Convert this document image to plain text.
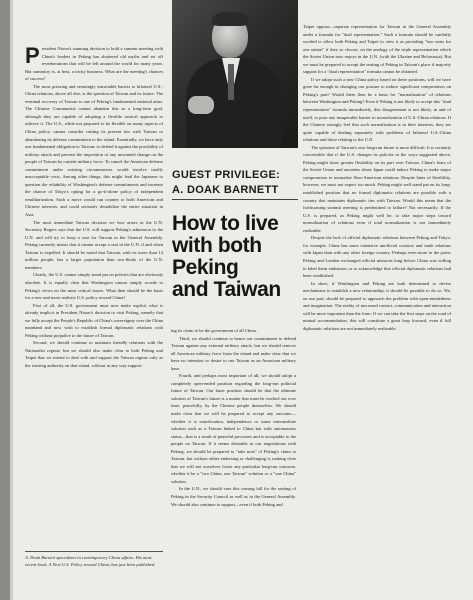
President Nixon's stunning decision to hold a summit meeting with China's leaders in Peking has shattered old myths and set off reverberations that will be felt around the world for many years. But summitry is, at best, a tricky business. What are the meeting's chances of success?

The most pressing and seemingly intractable barrier to bilateral U.S.-China relations, above all else, is the question of Taiwan and its future. The eventual recovery of Taiwan is one of Peking's fundamental national aims. The Chinese Communists cannot abandon this as a long-term goal, although they are capable of adopting a flexible tactical approach to achieve it. The U.S., while not prepared to be flexible on many aspects of China policy, cannot consider cutting its present ties with Taiwan or abandoning its defense commitment to the island. Essentially, we have only one fundamental obligation to Taiwan: to defend it against the possibility of military attack and prevent the imposition of any unwanted change on the people of Taiwan by outside military force. To cancel the American defense commitment under existing circumstances would involve totally unacceptable costs. Among other things, this might lead the Japanese to question the reliability of Washington's defense commitments and increase the chance of Tokyo's opting for a go-it-alone policy of independent remilitarization. Such a move would run counter to both American and Chinese interests, and could seriously destabilize the entire situation in Asia.

The most immediate Taiwan decision we face arises in the U.N. Secretary Rogers says that the U.S. will support Peking's admission to the U.N. and will try to keep a seat for Taiwan in the General Assembly. Peking currently insists that it cannot accept a seat in the U.N. if and when Taiwan is expelled. It should be noted that Taiwan, with its more than 14 million people, has a larger population than two-thirds of the U.N. members.

Clearly, the U.S. cannot simply stand pat on policies that are obviously obsolete. It is equally clear that Washington cannot simply accede to Peking's views on the most critical issues. What then should be the basis for a new and more realistic U.S. policy toward China?

First of all, the U.S. government must now make explicit what is already implicit in President Nixon's decision to visit Peking, namely that we fully accept the People's Republic of China's sovereignty over the China mainland and now wish to establish formal diplomatic relations with Peking without prejudice to the future of Taiwan.

Second, we should continue to maintain friendly relations with the Nationalist regime, but we should also make clear to both Peking and Taipei that we intend to deal with and support the Taiwan regime only as the existing authority on that island, without in any way support-

A. Doak Barnett specializes in contemporary China affairs. His most recent book, A New U.S. Policy toward China, has just been published.
GUEST PRIVILEGE:
A. DOAK BARNETT
How to live
with both
Peking
and Taiwan

ing its claim to be the government of all China.

Third, we should continue to honor our commitment to defend Taiwan against any external military attack, but we should remove all American military force from the island and make clear that we have no intention or desire to use Taiwan as an American military base.

Fourth, and perhaps most important of all, we should adopt a completely open-ended position regarding the long-run political future of Taiwan. Our basic position should be that the ultimate solution of Taiwan's future is a matter that must be worked out over time, peacefully, by the Chinese people themselves. We should make clear that we will be prepared to accept any outcome—whether it is reunification, independence or some intermediate solution such as a Taiwan linked to China but with autonomous status—that is a result of peaceful processes and is acceptable to the people on Taiwan. If it seems desirable in our negotiations with Peking, we should be prepared to "take note" of Peking's claim to Taiwan, but without either endorsing or challenging it, making clear that we will not ourselves foster any particular long-run outcome, whether it be a "two China, one Taiwan" solution or a "one China" solution.

In the U.N., we should vote this coming fall for the seating of Peking in the Security Council as well as in the General Assembly. We should also continue to support—even if both Peking and

Taipei oppose—separate representation for Taiwan in the General Assembly under a formula for "dual representation." Such a formula should be carefully worded to allow both Peking and Taipei to view it as providing "two seats for one nation" if they so choose, on the analogy of the triple representation which the Soviet Union now enjoys in the U.N. (with the Ukraine and Belorussia). But we must be prepared to accept the seating of Peking in Taiwan's place if majority support for a "dual representation" formula cannot be obtained.

If we adopt such a new China policy based on these positions, will we have gone far enough in changing our posture to induce significant compromises on Peking's part? Would there then be a basis for "normalization" of relations between Washington and Peking? Even if Peking is not likely to accept this "dual representation" formula immediately, this disagreement is not likely, in and of itself, to pose any insuperable barrier to normalization of U.S.-China relations. If the Chinese strongly feel that such normalization is in their interests, they are quite capable of dealing separately with problems of bilateral U.S.-China relations and those relating to the U.N.

The question of Taiwan's own long-run future is more difficult. It is certainly conceivable that if the U.S. changes its policies in the ways suggested above, Peking might show greater flexibility on its part over Taiwan. China's fears of the Soviet Union and anxieties about Japan could induce Peking to make major compromises to normalize Sino-American relations. Despite hints of flexibility, however, we must not expect too much. Peking might well stand pat on its long-established position that no formal diplomatic relations are possible with a country that maintains diplomatic ties with Taiwan. Would this mean that the forthcoming summit meeting is predestined to failure? Not necessarily. If the U.S. is prepared, as Peking might well be, to take major steps toward normalization of relations even if total normalization is not immediately realizable.

Despite the lack of official diplomatic relations between Peking and Tokyo, for example, China has more extensive unofficial contacts and trade relations with Japan than with any other foreign country. Perhaps even more to the point, Peking and London exchanged official missions long before China was willing to label them embassies or to acknowledge that official diplomatic relations had been established.

In short, if Washington and Peking are both determined to devise mechanisms to establish a new relationship, it should be possible to do so. We, on our part, should be prepared to approach the problem with open-mindedness and imagination. The reality of increased contact, communication and interaction will be more important than the form. If we can take the first steps on the road of mutual accommodation, this will constitute a great leap forward, even if full diplomatic relations are not immediately realizable.
